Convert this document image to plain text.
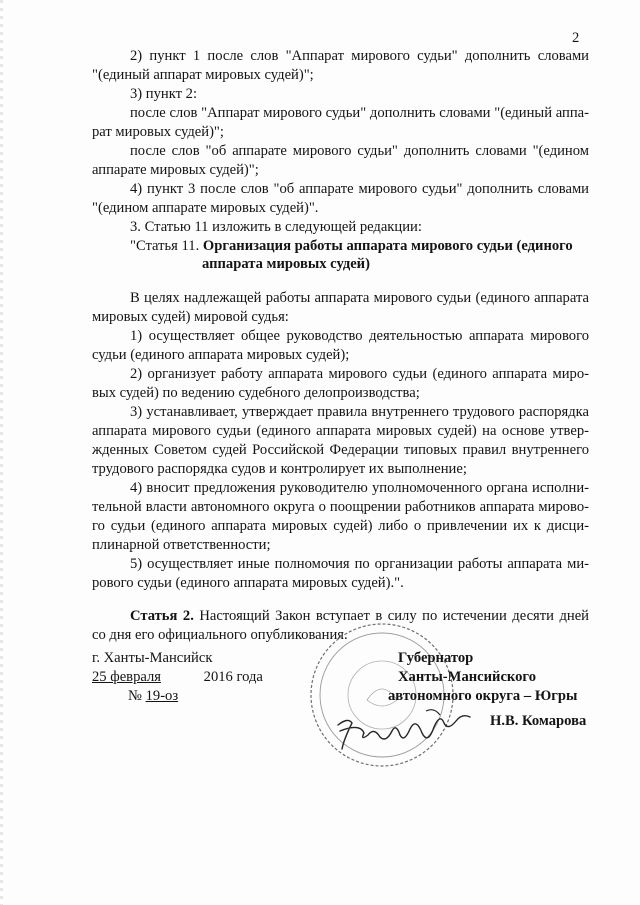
2
2) пункт 1 после слов "Аппарат мирового судьи" дополнить словами
"(единый аппарат мировых судей)";
3) пункт 2:
после слов "Аппарат мирового судьи" дополнить словами "(единый аппа-
рат мировых судей)";
после слов "об аппарате мирового судьи" дополнить словами "(едином
аппарате мировых судей)";
4) пункт 3 после слов "об аппарате мирового судьи" дополнить словами
"(едином аппарате мировых судей)".
3. Статью 11 изложить в следующей редакции:
"Статья 11. Организация работы аппарата мирового судьи (единого
аппарата мировых судей)
В целях надлежащей работы аппарата мирового судьи (единого аппарата
мировых судей) мировой судья:
1) осуществляет общее руководство деятельностью аппарата мирового
судьи (единого аппарата мировых судей);
2) организует работу аппарата мирового судьи (единого аппарата миро-
вых судей) по ведению судебного делопроизводства;
3) устанавливает, утверждает правила внутреннего трудового распорядка
аппарата мирового судьи (единого аппарата мировых судей) на основе утвер-
жденных Советом судей Российской Федерации типовых правил внутреннего
трудового распорядка судов и контролирует их выполнение;
4) вносит предложения руководителю уполномоченного органа исполни-
тельной власти автономного округа о поощрении работников аппарата мирово-
го судьи (единого аппарата мировых судей) либо о привлечении их к дисци-
плинарной ответственности;
5) осуществляет иные полномочия по организации работы аппарата ми-
рового судьи (единого аппарата мировых судей).".
Статья 2. Настоящий Закон вступает в силу по истечении десяти дней
со дня его официального опубликования.
г. Ханты-Мансийск
25 февраля	2016 года
№ 19-оз
Губернатор
Ханты-Мансийского
автономного округа – Югры
Н.В. Комарова
